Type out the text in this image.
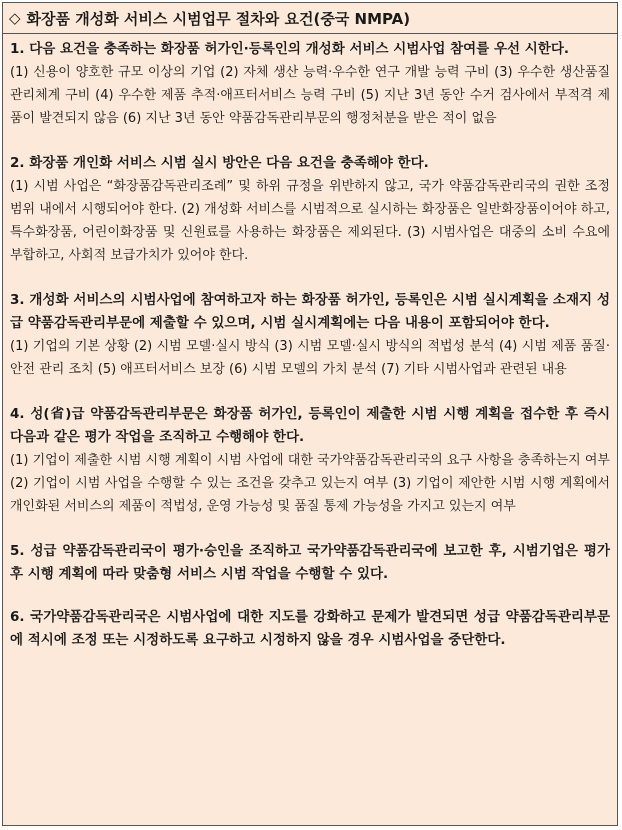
◇ 화장품 개성화 서비스 시범업무 절차와 요건(중국 NMPA)
1. 다음 요건을 충족하는 화장품 허가인·등록인의 개성화 서비스 시범사업 참여를 우선 시한다.
(1) 신용이 양호한 규모 이상의 기업 (2) 자체 생산 능력·우수한 연구 개발 능력 구비 (3) 우수한 생산품질관리체계 구비 (4) 우수한 제품 추적·애프터서비스 능력 구비 (5) 지난 3년 동안 수거 검사에서 부적격 제품이 발견되지 않음 (6) 지난 3년 동안 약품감독관리부문의 행정처분을 받은 적이 없음
2. 화장품 개인화 서비스 시범 실시 방안은 다음 요건을 충족해야 한다.
(1) 시범 사업은 “화장품감독관리조례” 및 하위 규정을 위반하지 않고, 국가 약품감독관리국의 권한 조정 범위 내에서 시행되어야 한다. (2) 개성화 서비스를 시범적으로 실시하는 화장품은 일반화장품이어야 하고, 특수화장품, 어린이화장품 및 신원료를 사용하는 화장품은 제외된다. (3) 시범사업은 대중의 소비 수요에 부합하고, 사회적 보급가치가 있어야 한다.
3. 개성화 서비스의 시범사업에 참여하고자 하는 화장품 허가인, 등록인은 시범 실시계획을 소재지 성급 약품감독관리부문에 제출할 수 있으며, 시범 실시계획에는 다음 내용이 포함되어야 한다.
(1) 기업의 기본 상황 (2) 시범 모델·실시 방식 (3) 시범 모델·실시 방식의 적법성 분석 (4) 시범 제품 품질·안전 관리 조치 (5) 애프터서비스 보장 (6) 시범 모델의 가치 분석 (7) 기타 시범사업과 관련된 내용
4. 성(省)급 약품감독관리부문은 화장품 허가인, 등록인이 제출한 시범 시행 계획을 접수한 후 즉시 다음과 같은 평가 작업을 조직하고 수행해야 한다.
(1) 기업이 제출한 시범 시행 계획이 시범 사업에 대한 국가약품감독관리국의 요구 사항을 충족하는지 여부 (2) 기업이 시범 사업을 수행할 수 있는 조건을 갖추고 있는지 여부 (3) 기업이 제안한 시범 시행 계획에서 개인화된 서비스의 제품이 적법성, 운영 가능성 및 품질 통제 가능성을 가지고 있는지 여부
5. 성급 약품감독관리국이 평가·승인을 조직하고 국가약품감독관리국에 보고한 후, 시범기업은 평가 후 시행 계획에 따라 맞춤형 서비스 시범 작업을 수행할 수 있다.
6. 국가약품감독관리국은 시범사업에 대한 지도를 강화하고 문제가 발견되면 성급 약품감독관리부문에 적시에 조정 또는 시정하도록 요구하고 시정하지 않을 경우 시범사업을 중단한다.
